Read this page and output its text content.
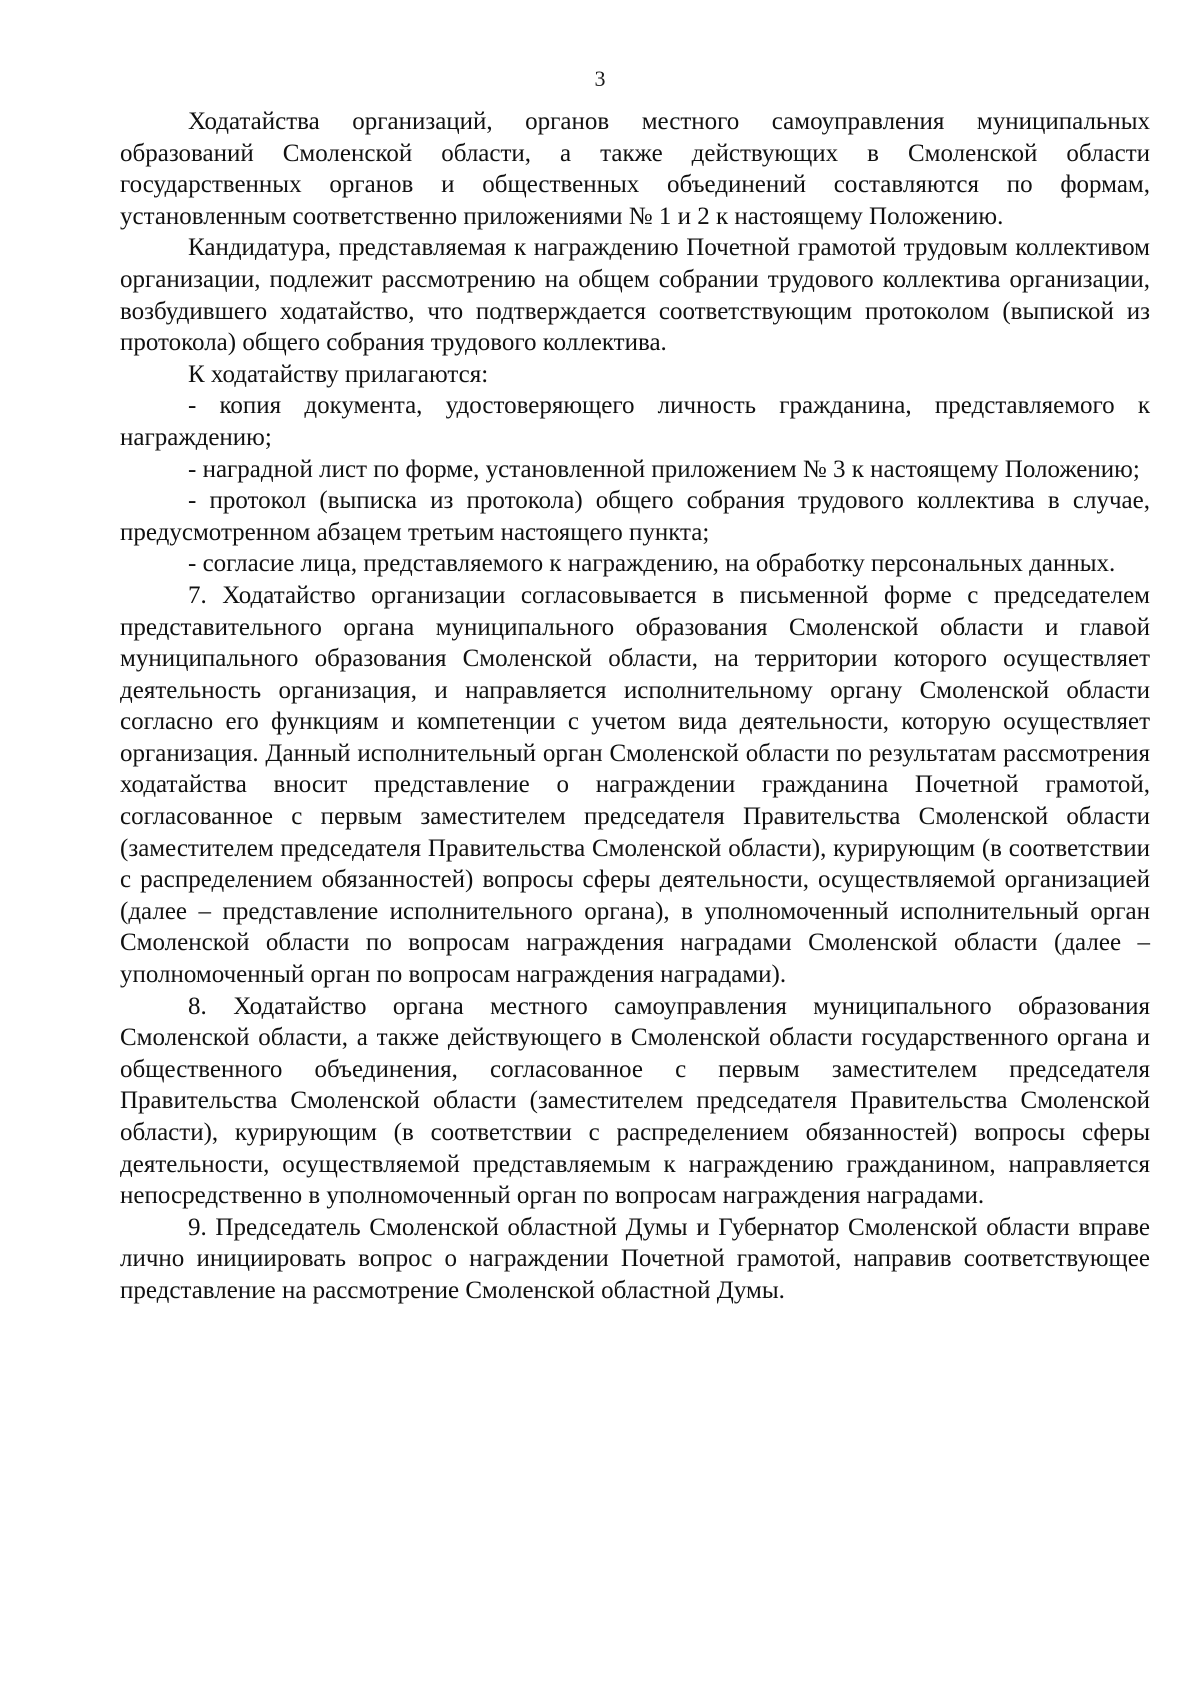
3

Ходатайства организаций, органов местного самоуправления муниципальных образований Смоленской области, а также действующих в Смоленской области государственных органов и общественных объединений составляются по формам, установленным соответственно приложениями № 1 и 2 к настоящему Положению.

Кандидатура, представляемая к награждению Почетной грамотой трудовым коллективом организации, подлежит рассмотрению на общем собрании трудового коллектива организации, возбудившего ходатайство, что подтверждается соответствующим протоколом (выпиской из протокола) общего собрания трудового коллектива.

К ходатайству прилагаются:

- копия документа, удостоверяющего личность гражданина, представляемого к награждению;

- наградной лист по форме, установленной приложением № 3 к настоящему Положению;

- протокол (выписка из протокола) общего собрания трудового коллектива в случае, предусмотренном абзацем третьим настоящего пункта;

- согласие лица, представляемого к награждению, на обработку персональных данных.

7. Ходатайство организации согласовывается в письменной форме с председателем представительного органа муниципального образования Смоленской области и главой муниципального образования Смоленской области, на территории которого осуществляет деятельность организация, и направляется исполнительному органу Смоленской области согласно его функциям и компетенции с учетом вида деятельности, которую осуществляет организация. Данный исполнительный орган Смоленской области по результатам рассмотрения ходатайства вносит представление о награждении гражданина Почетной грамотой, согласованное с первым заместителем председателя Правительства Смоленской области (заместителем председателя Правительства Смоленской области), курирующим (в соответствии с распределением обязанностей) вопросы сферы деятельности, осуществляемой организацией (далее – представление исполнительного органа), в уполномоченный исполнительный орган Смоленской области по вопросам награждения наградами Смоленской области (далее – уполномоченный орган по вопросам награждения наградами).

8. Ходатайство органа местного самоуправления муниципального образования Смоленской области, а также действующего в Смоленской области государственного органа и общественного объединения, согласованное с первым заместителем председателя Правительства Смоленской области (заместителем председателя Правительства Смоленской области), курирующим (в соответствии с распределением обязанностей) вопросы сферы деятельности, осуществляемой представляемым к награждению гражданином, направляется непосредственно в уполномоченный орган по вопросам награждения наградами.

9. Председатель Смоленской областной Думы и Губернатор Смоленской области вправе лично инициировать вопрос о награждении Почетной грамотой, направив соответствующее представление на рассмотрение Смоленской областной Думы.
